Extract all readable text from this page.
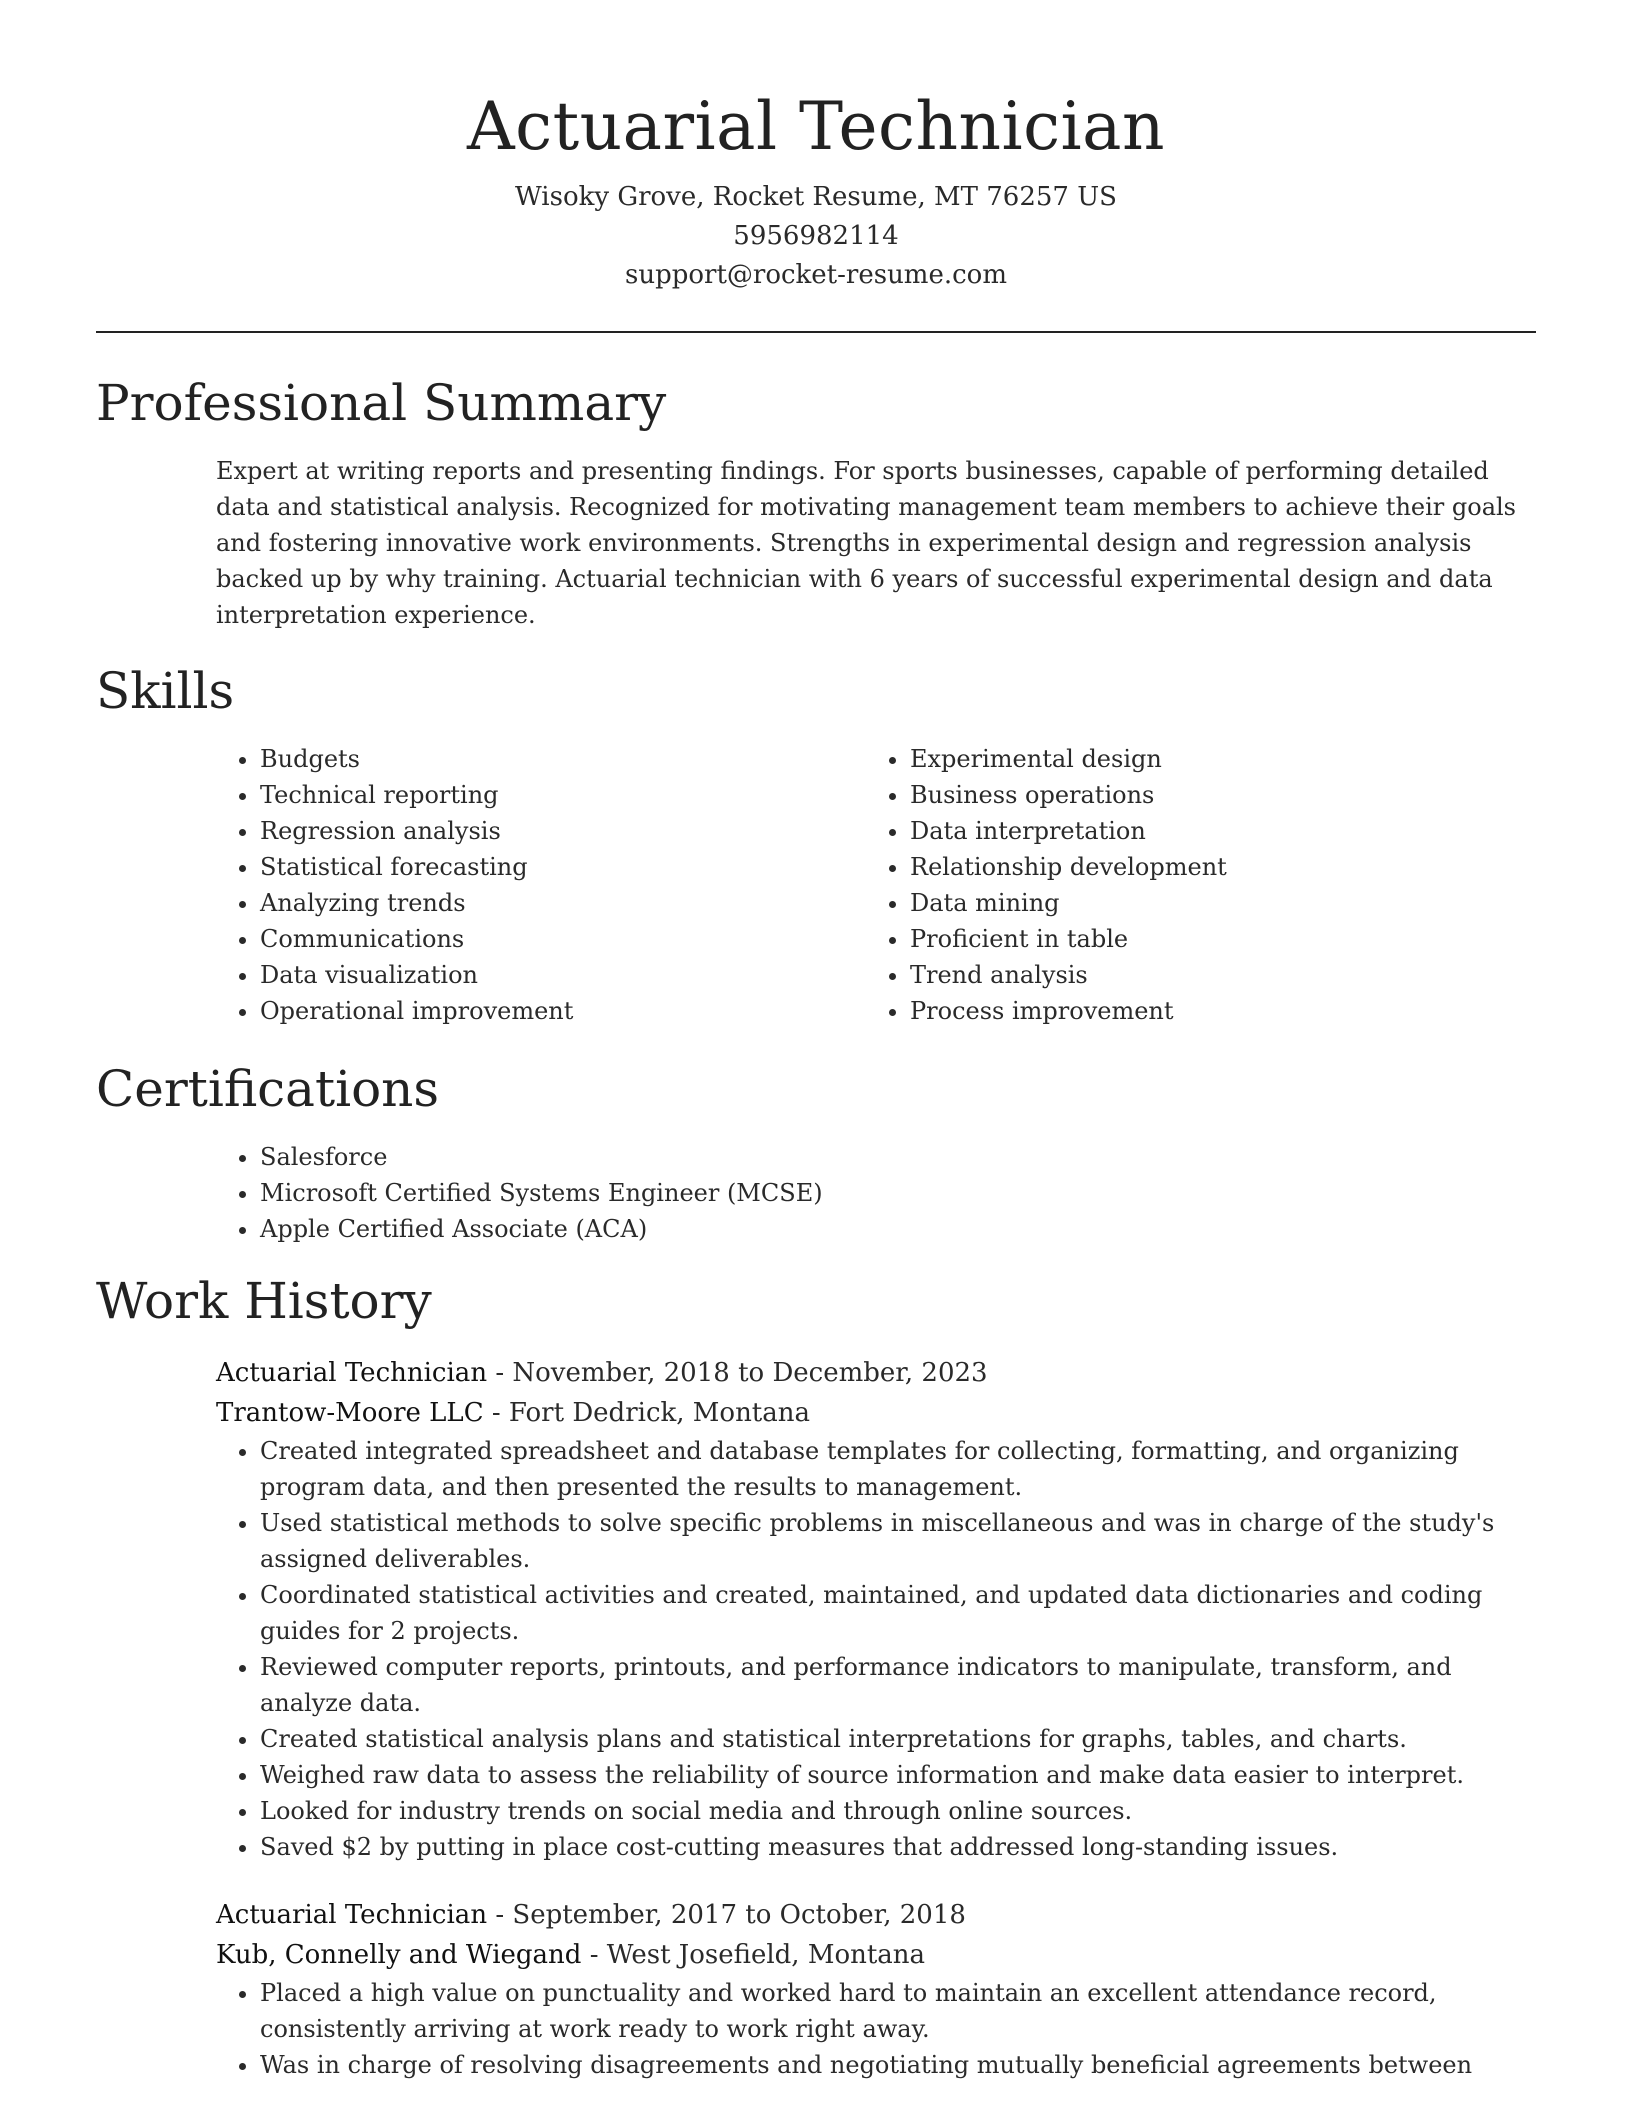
Actuarial Technician
Wisoky Grove, Rocket Resume, MT 76257 US
5956982114
support@rocket-resume.com
Professional Summary

Expert at writing reports and presenting findings. For sports businesses, capable of performing detailed data and statistical analysis. Recognized for motivating management team members to achieve their goals and fostering innovative work environments. Strengths in experimental design and regression analysis backed up by why training. Actuarial technician with 6 years of successful experimental design and data interpretation experience.

Skills
• Budgets
• Technical reporting
• Regression analysis
• Statistical forecasting
• Analyzing trends
• Communications
• Data visualization
• Operational improvement
• Experimental design
• Business operations
• Data interpretation
• Relationship development
• Data mining
• Proficient in table
• Trend analysis
• Process improvement
Certifications
• Salesforce
• Microsoft Certified Systems Engineer (MCSE)
• Apple Certified Associate (ACA)
Work History
Actuarial Technician - November, 2018 to December, 2023
Trantow-Moore LLC - Fort Dedrick, Montana
• Created integrated spreadsheet and database templates for collecting, formatting, and organizing program data, and then presented the results to management.
• Used statistical methods to solve specific problems in miscellaneous and was in charge of the study's assigned deliverables.
• Coordinated statistical activities and created, maintained, and updated data dictionaries and coding guides for 2 projects.
• Reviewed computer reports, printouts, and performance indicators to manipulate, transform, and analyze data.
• Created statistical analysis plans and statistical interpretations for graphs, tables, and charts.
• Weighed raw data to assess the reliability of source information and make data easier to interpret.
• Looked for industry trends on social media and through online sources.
• Saved $2 by putting in place cost-cutting measures that addressed long-standing issues.
Actuarial Technician - September, 2017 to October, 2018
Kub, Connelly and Wiegand - West Josefield, Montana
• Placed a high value on punctuality and worked hard to maintain an excellent attendance record, consistently arriving at work ready to work right away.
• Was in charge of resolving disagreements and negotiating mutually beneficial agreements between
